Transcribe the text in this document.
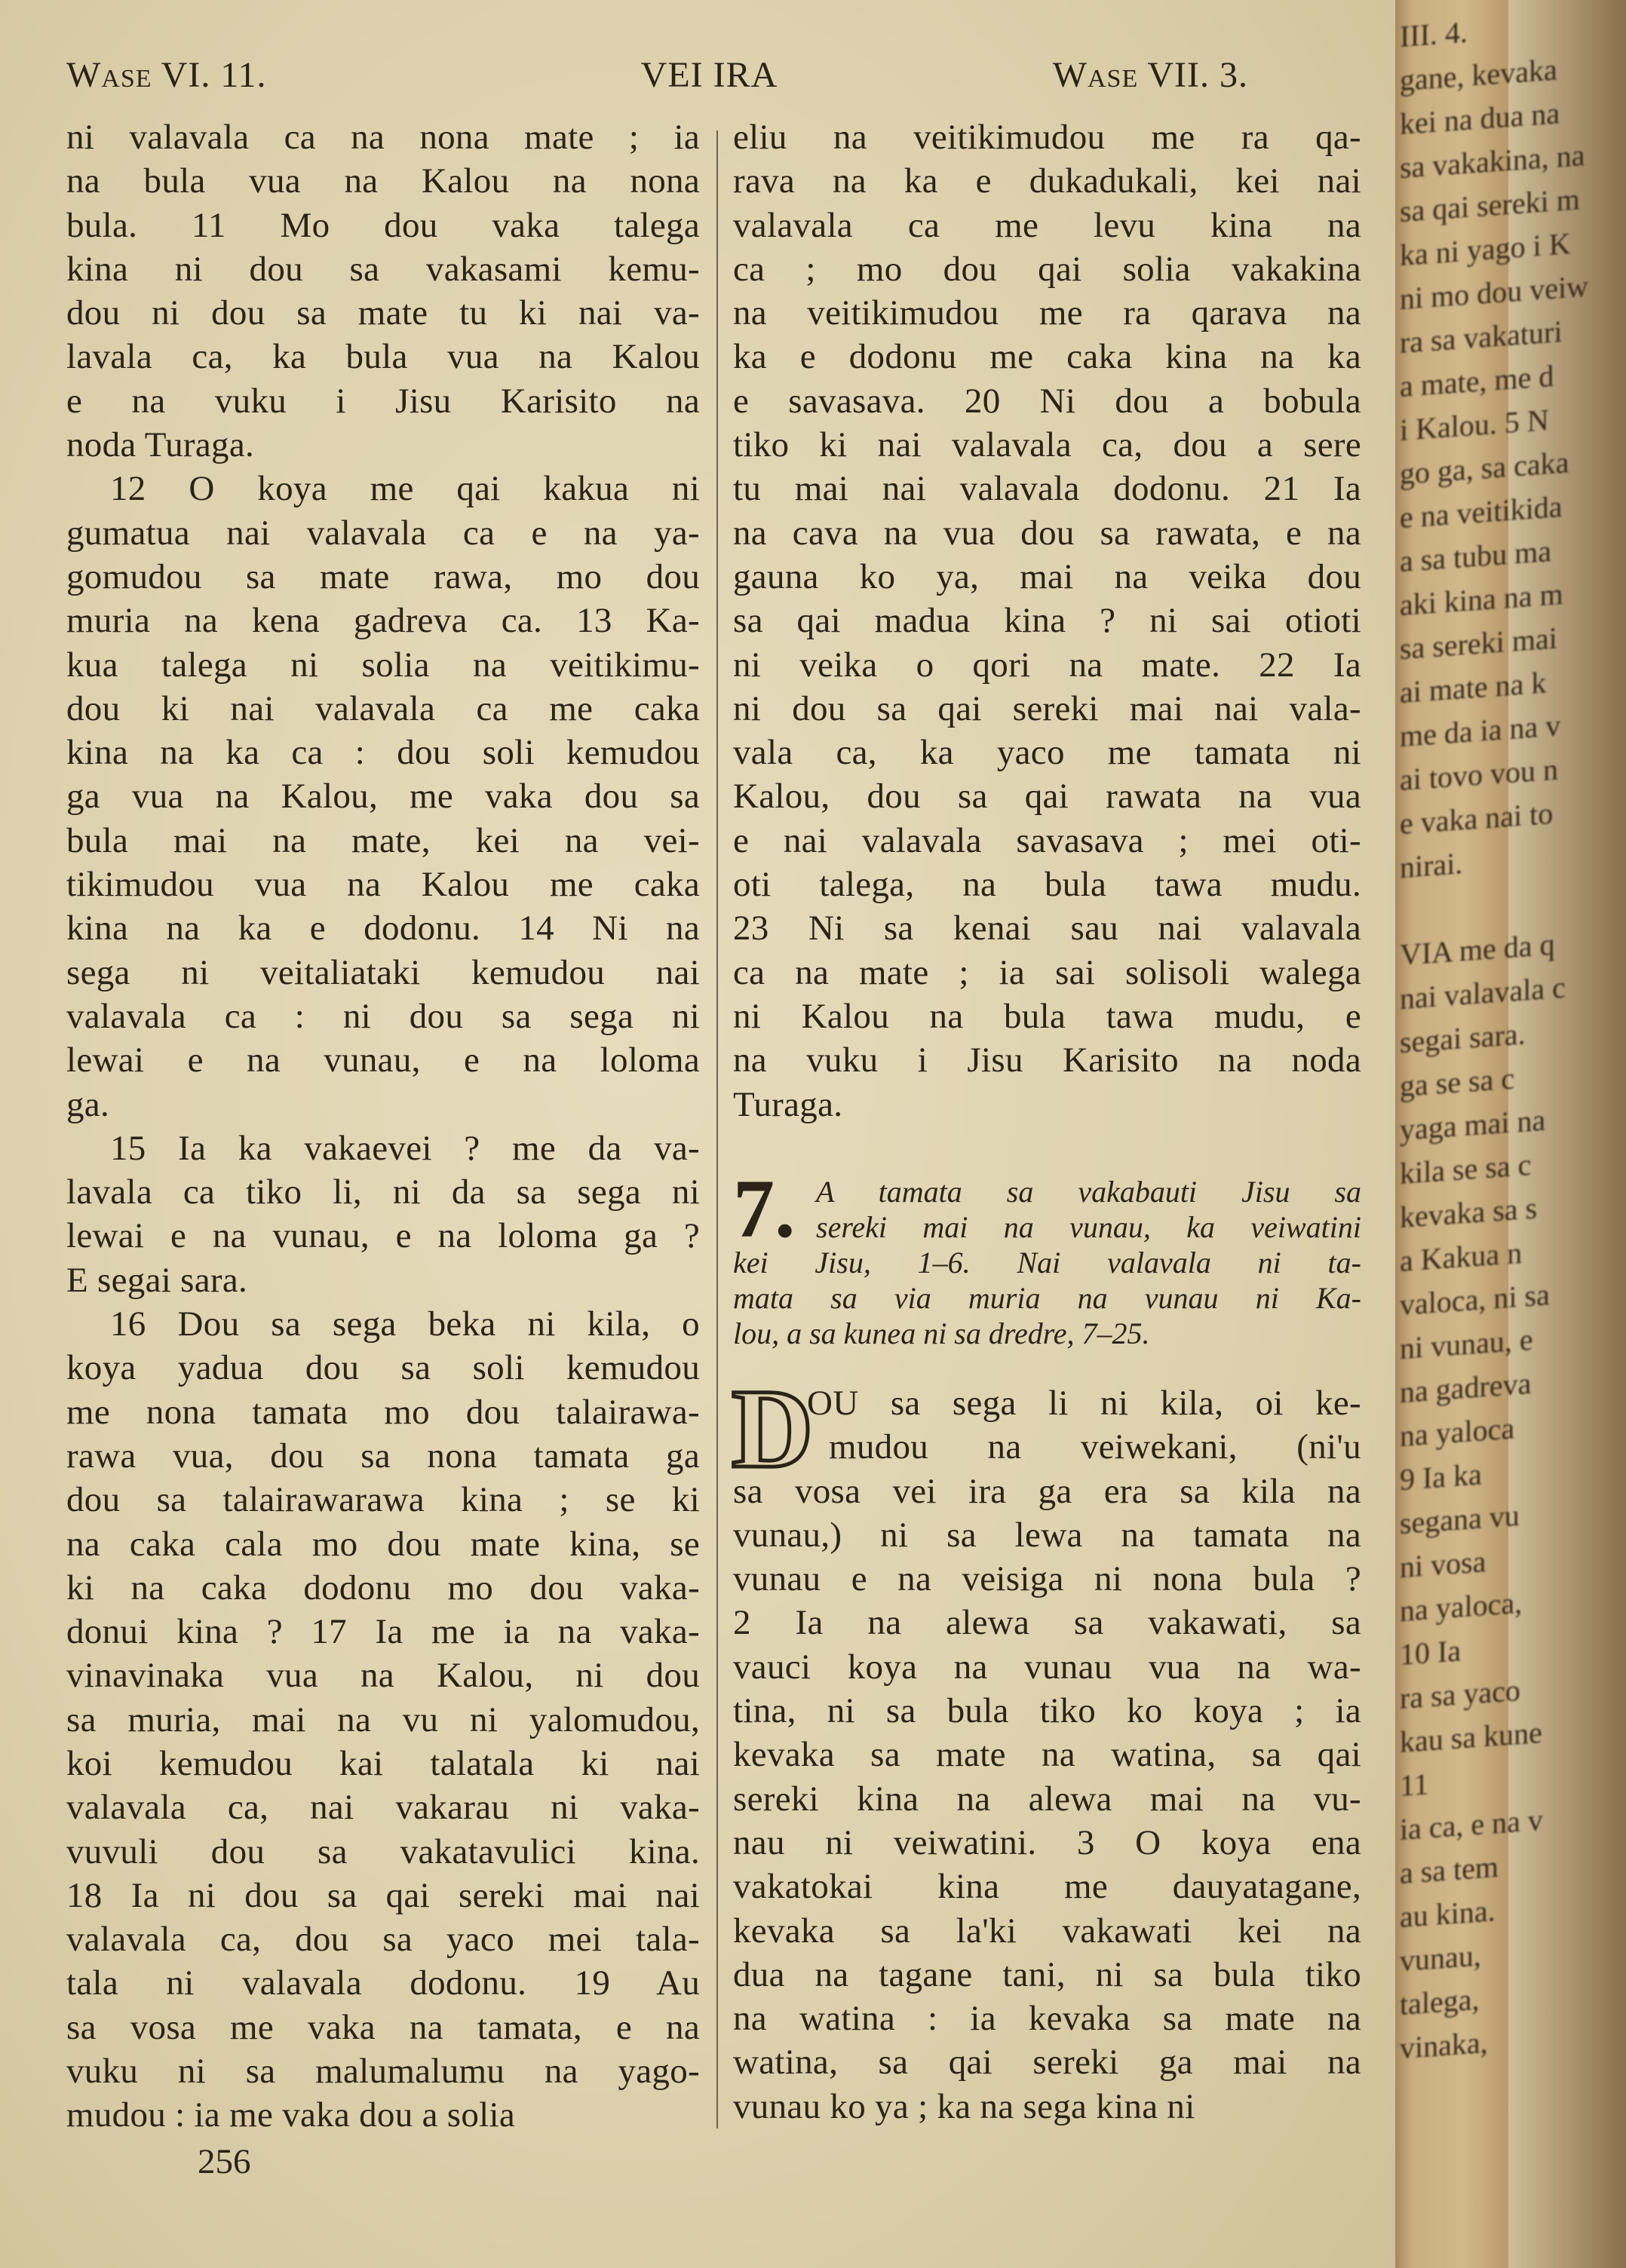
Wase VI. 11.	VEI IRA	Wase VII. 3.
ni valavala ca na nona mate ; ia
na bula vua na Kalou na nona
bula. 11 Mo dou vaka talega
kina ni dou sa vakasami kemu-
dou ni dou sa mate tu ki nai va-
lavala ca, ka bula vua na Kalou
e na vuku i Jisu Karisito na
noda Turaga.
12 O koya me qai kakua ni
gumatua nai valavala ca e na ya-
gomudou sa mate rawa, mo dou
muria na kena gadreva ca. 13 Ka-
kua talega ni solia na veitikimu-
dou ki nai valavala ca me caka
kina na ka ca : dou soli kemudou
ga vua na Kalou, me vaka dou sa
bula mai na mate, kei na vei-
tikimudou vua na Kalou me caka
kina na ka e dodonu. 14 Ni na
sega ni veitaliataki kemudou nai
valavala ca : ni dou sa sega ni
lewai e na vunau, e na loloma
ga.
15 Ia ka vakaevei ? me da va-
lavala ca tiko li, ni da sa sega ni
lewai e na vunau, e na loloma ga ?
E segai sara.
16 Dou sa sega beka ni kila, o
koya yadua dou sa soli kemudou
me nona tamata mo dou talairawa-
rawa vua, dou sa nona tamata ga
dou sa talairawarawa kina ; se ki
na caka cala mo dou mate kina, se
ki na caka dodonu mo dou vaka-
donui kina ? 17 Ia me ia na vaka-
vinavinaka vua na Kalou, ni dou
sa muria, mai na vu ni yalomudou,
koi kemudou kai talatala ki nai
valavala ca, nai vakarau ni vaka-
vuvuli dou sa vakatavulici kina.
18 Ia ni dou sa qai sereki mai nai
valavala ca, dou sa yaco mei tala-
tala ni valavala dodonu. 19 Au
sa vosa me vaka na tamata, e na
vuku ni sa malumalumu na yago-
mudou : ia me vaka dou a solia
eliu na veitikimudou me ra qa-
rava na ka e dukadukali, kei nai
valavala ca me levu kina na
ca ; mo dou qai solia vakakina
na veitikimudou me ra qarava na
ka e dodonu me caka kina na ka
e savasava. 20 Ni dou a bobula
tiko ki nai valavala ca, dou a sere
tu mai nai valavala dodonu. 21 Ia
na cava na vua dou sa rawata, e na
gauna ko ya, mai na veika dou
sa qai madua kina ? ni sai otioti
ni veika o qori na mate. 22 Ia
ni dou sa qai sereki mai nai vala-
vala ca, ka yaco me tamata ni
Kalou, dou sa qai rawata na vua
e nai valavala savasava ; mei oti-
oti talega, na bula tawa mudu.
23 Ni sa kenai sau nai valavala
ca na mate ; ia sai solisoli walega
ni Kalou na bula tawa mudu, e
na vuku i Jisu Karisito na noda
Turaga.
7. A tamata sa vakabauti Jisu sa
sereki mai na vunau, ka veiwatini
kei Jisu, 1–6. Nai valavala ni ta-
mata sa via muria na vunau ni Ka-
lou, a sa kunea ni sa dredre, 7–25.
D
OU sa sega li ni kila, oi ke-
mudou na veiwekani, (ni'u
sa vosa vei ira ga era sa kila na
vunau,) ni sa lewa na tamata na
vunau e na veisiga ni nona bula ?
2 Ia na alewa sa vakawati, sa
vauci koya na vunau vua na wa-
tina, ni sa bula tiko ko koya ; ia
kevaka sa mate na watina, sa qai
sereki kina na alewa mai na vu-
nau ni veiwatini. 3 O koya ena
vakatokai kina me dauyatagane,
kevaka sa la'ki vakawati kei na
dua na tagane tani, ni sa bula tiko
na watina : ia kevaka sa mate na
watina, sa qai sereki ga mai na
vunau ko ya ; ka na sega kina ni
256
III. 4.
gane, kevaka
kei na dua na
sa vakakina, na
sa qai sereki m
ka ni yago i K
ni mo dou veiw
ra sa vakaturi
a mate, me d
i Kalou. 5 N
go ga, sa caka
e na veitikida
a sa tubu ma
aki kina na m
sa sereki mai
ai mate na k
me da ia na v
ai tovo vou n
e vaka nai to
nirai.
VIA me da q
nai valavala c
segai sara.
ga se sa c
yaga mai na
kila se sa c
kevaka sa s
a Kakua n
valoca, ni sa
ni vunau, e
na gadreva
na yaloca
9 Ia ka
segana vu
ni vosa
na yaloca,
10 Ia
ra sa yaco
kau sa kune
11
ia ca, e na v
a sa tem
au kina.
vunau,
talega,
vinaka,
